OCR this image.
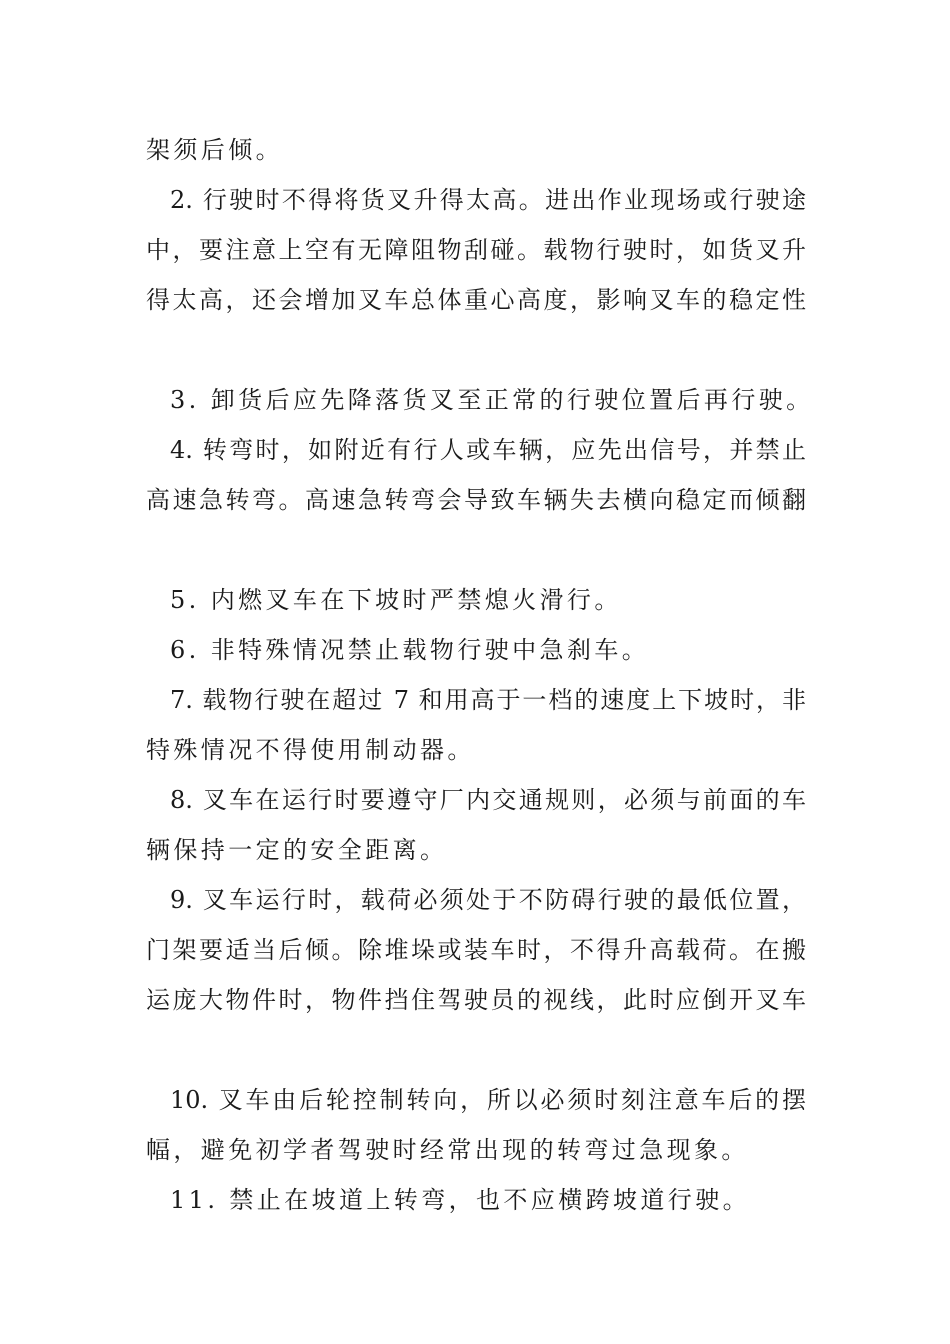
架须后倾。
2. 行驶时不得将货叉升得太高。进出作业现场或行驶途
中，要注意上空有无障阻物刮碰。载物行驶时，如货叉升
得太高，还会增加叉车总体重心高度，影响叉车的稳定性
3. 卸货后应先降落货叉至正常的行驶位置后再行驶。
4. 转弯时，如附近有行人或车辆，应先出信号，并禁止
高速急转弯。高速急转弯会导致车辆失去横向稳定而倾翻
5. 内燃叉车在下坡时严禁熄火滑行。
6. 非特殊情况禁止载物行驶中急刹车。
7. 载物行驶在超过 7 和用高于一档的速度上下坡时，非
特殊情况不得使用制动器。
8. 叉车在运行时要遵守厂内交通规则，必须与前面的车
辆保持一定的安全距离。
9. 叉车运行时，载荷必须处于不防碍行驶的最低位置，
门架要适当后倾。除堆垛或装车时，不得升高载荷。在搬
运庞大物件时，物件挡住驾驶员的视线，此时应倒开叉车
10. 叉车由后轮控制转向，所以必须时刻注意车后的摆
幅，避免初学者驾驶时经常出现的转弯过急现象。
11. 禁止在坡道上转弯，也不应横跨坡道行驶。
